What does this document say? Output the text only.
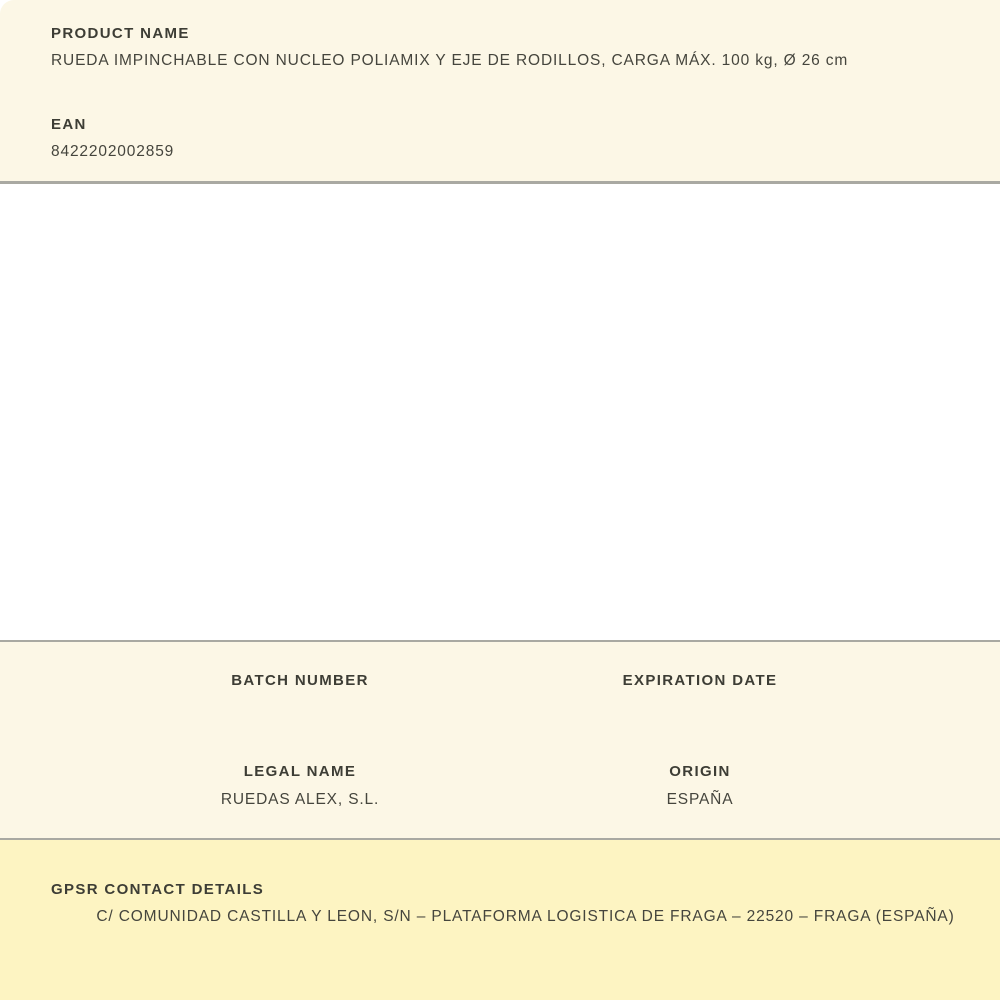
PRODUCT NAME
RUEDA IMPINCHABLE CON NUCLEO POLIAMIX Y EJE DE RODILLOS, CARGA MÁX. 100 kg, Ø 26 cm
EAN
8422202002859
BATCH NUMBER	EXPIRATION DATE
LEGAL NAME
RUEDAS ALEX, S.L.
ORIGIN
ESPAÑA
GPSR CONTACT DETAILS
C/ COMUNIDAD CASTILLA Y LEON, S/N – PLATAFORMA LOGISTICA DE FRAGA – 22520 – FRAGA (ESPAÑA)
